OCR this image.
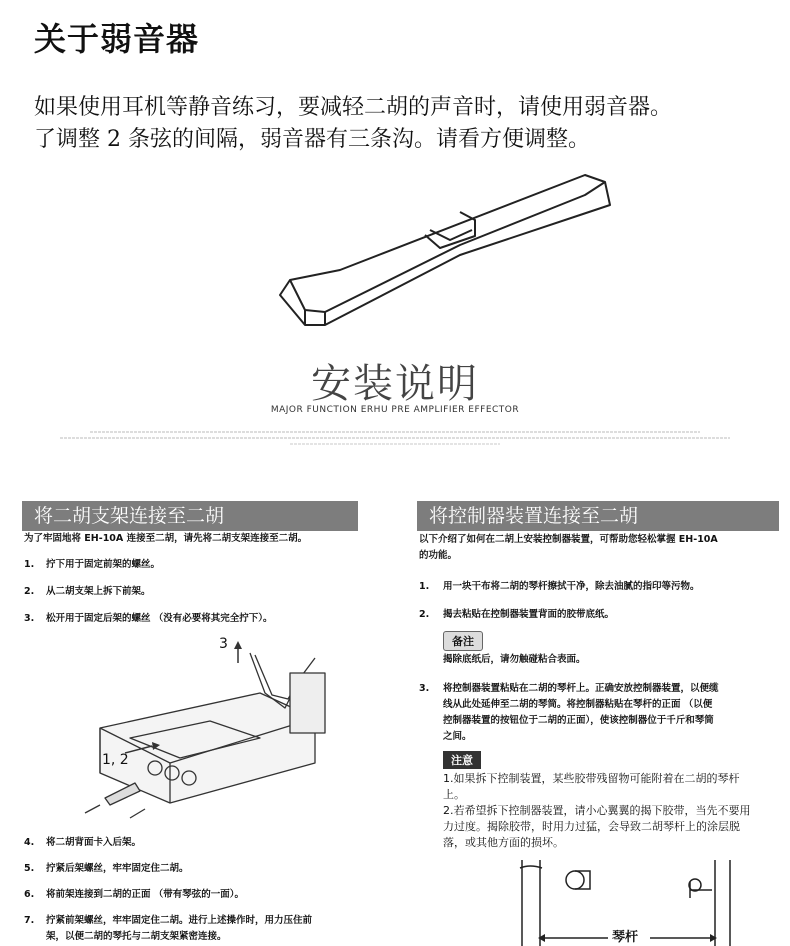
关于弱音器
如果使用耳机等静音练习，要减轻二胡的声音时，请使用弱音器。
了调整 2 条弦的间隔，弱音器有三条沟。请看方便调整。
安装说明
MAJOR FUNCTION ERHU PRE AMPLIFIER EFFECTOR
将二胡支架连接至二胡
为了牢固地将 EH-10A 连接至二胡，请先将二胡支架连接至二胡。
1. 拧下用于固定前架的螺丝。
2. 从二胡支架上拆下前架。
3. 松开用于固定后架的螺丝 （没有必要将其完全拧下）。
3
1, 2
4. 将二胡背面卡入后架。
5. 拧紧后架螺丝，牢牢固定住二胡。
6. 将前架连接到二胡的正面 （带有琴弦的一面）。
7. 拧紧前架螺丝，牢牢固定住二胡。进行上述操作时，用力压住前
架，以便二胡的琴托与二胡支架紧密连接。
将控制器装置连接至二胡
以下介绍了如何在二胡上安装控制器装置，可帮助您轻松掌握 EH-10A
的功能。
1. 用一块干布将二胡的琴杆擦拭干净，除去油腻的指印等污物。
2. 揭去粘贴在控制器装置背面的胶带底纸。
备注
揭除底纸后，请勿触碰粘合表面。
3. 将控制器装置粘贴在二胡的琴杆上。正确安放控制器装置，以便缆
线从此处延伸至二胡的琴筒。将控制器粘贴在琴杆的正面 （以便
控制器装置的按钮位于二胡的正面），使该控制器位于千斤和琴筒
之间。
注意
1.如果拆下控制装置，某些胶带残留物可能附着在二胡的琴杆
上。
2.若希望拆下控制器装置，请小心翼翼的揭下胶带，当先不要用
力过度。揭除胶带，时用力过猛，会导致二胡琴杆上的涂层脱
落，或其他方面的损坏。
琴杆
